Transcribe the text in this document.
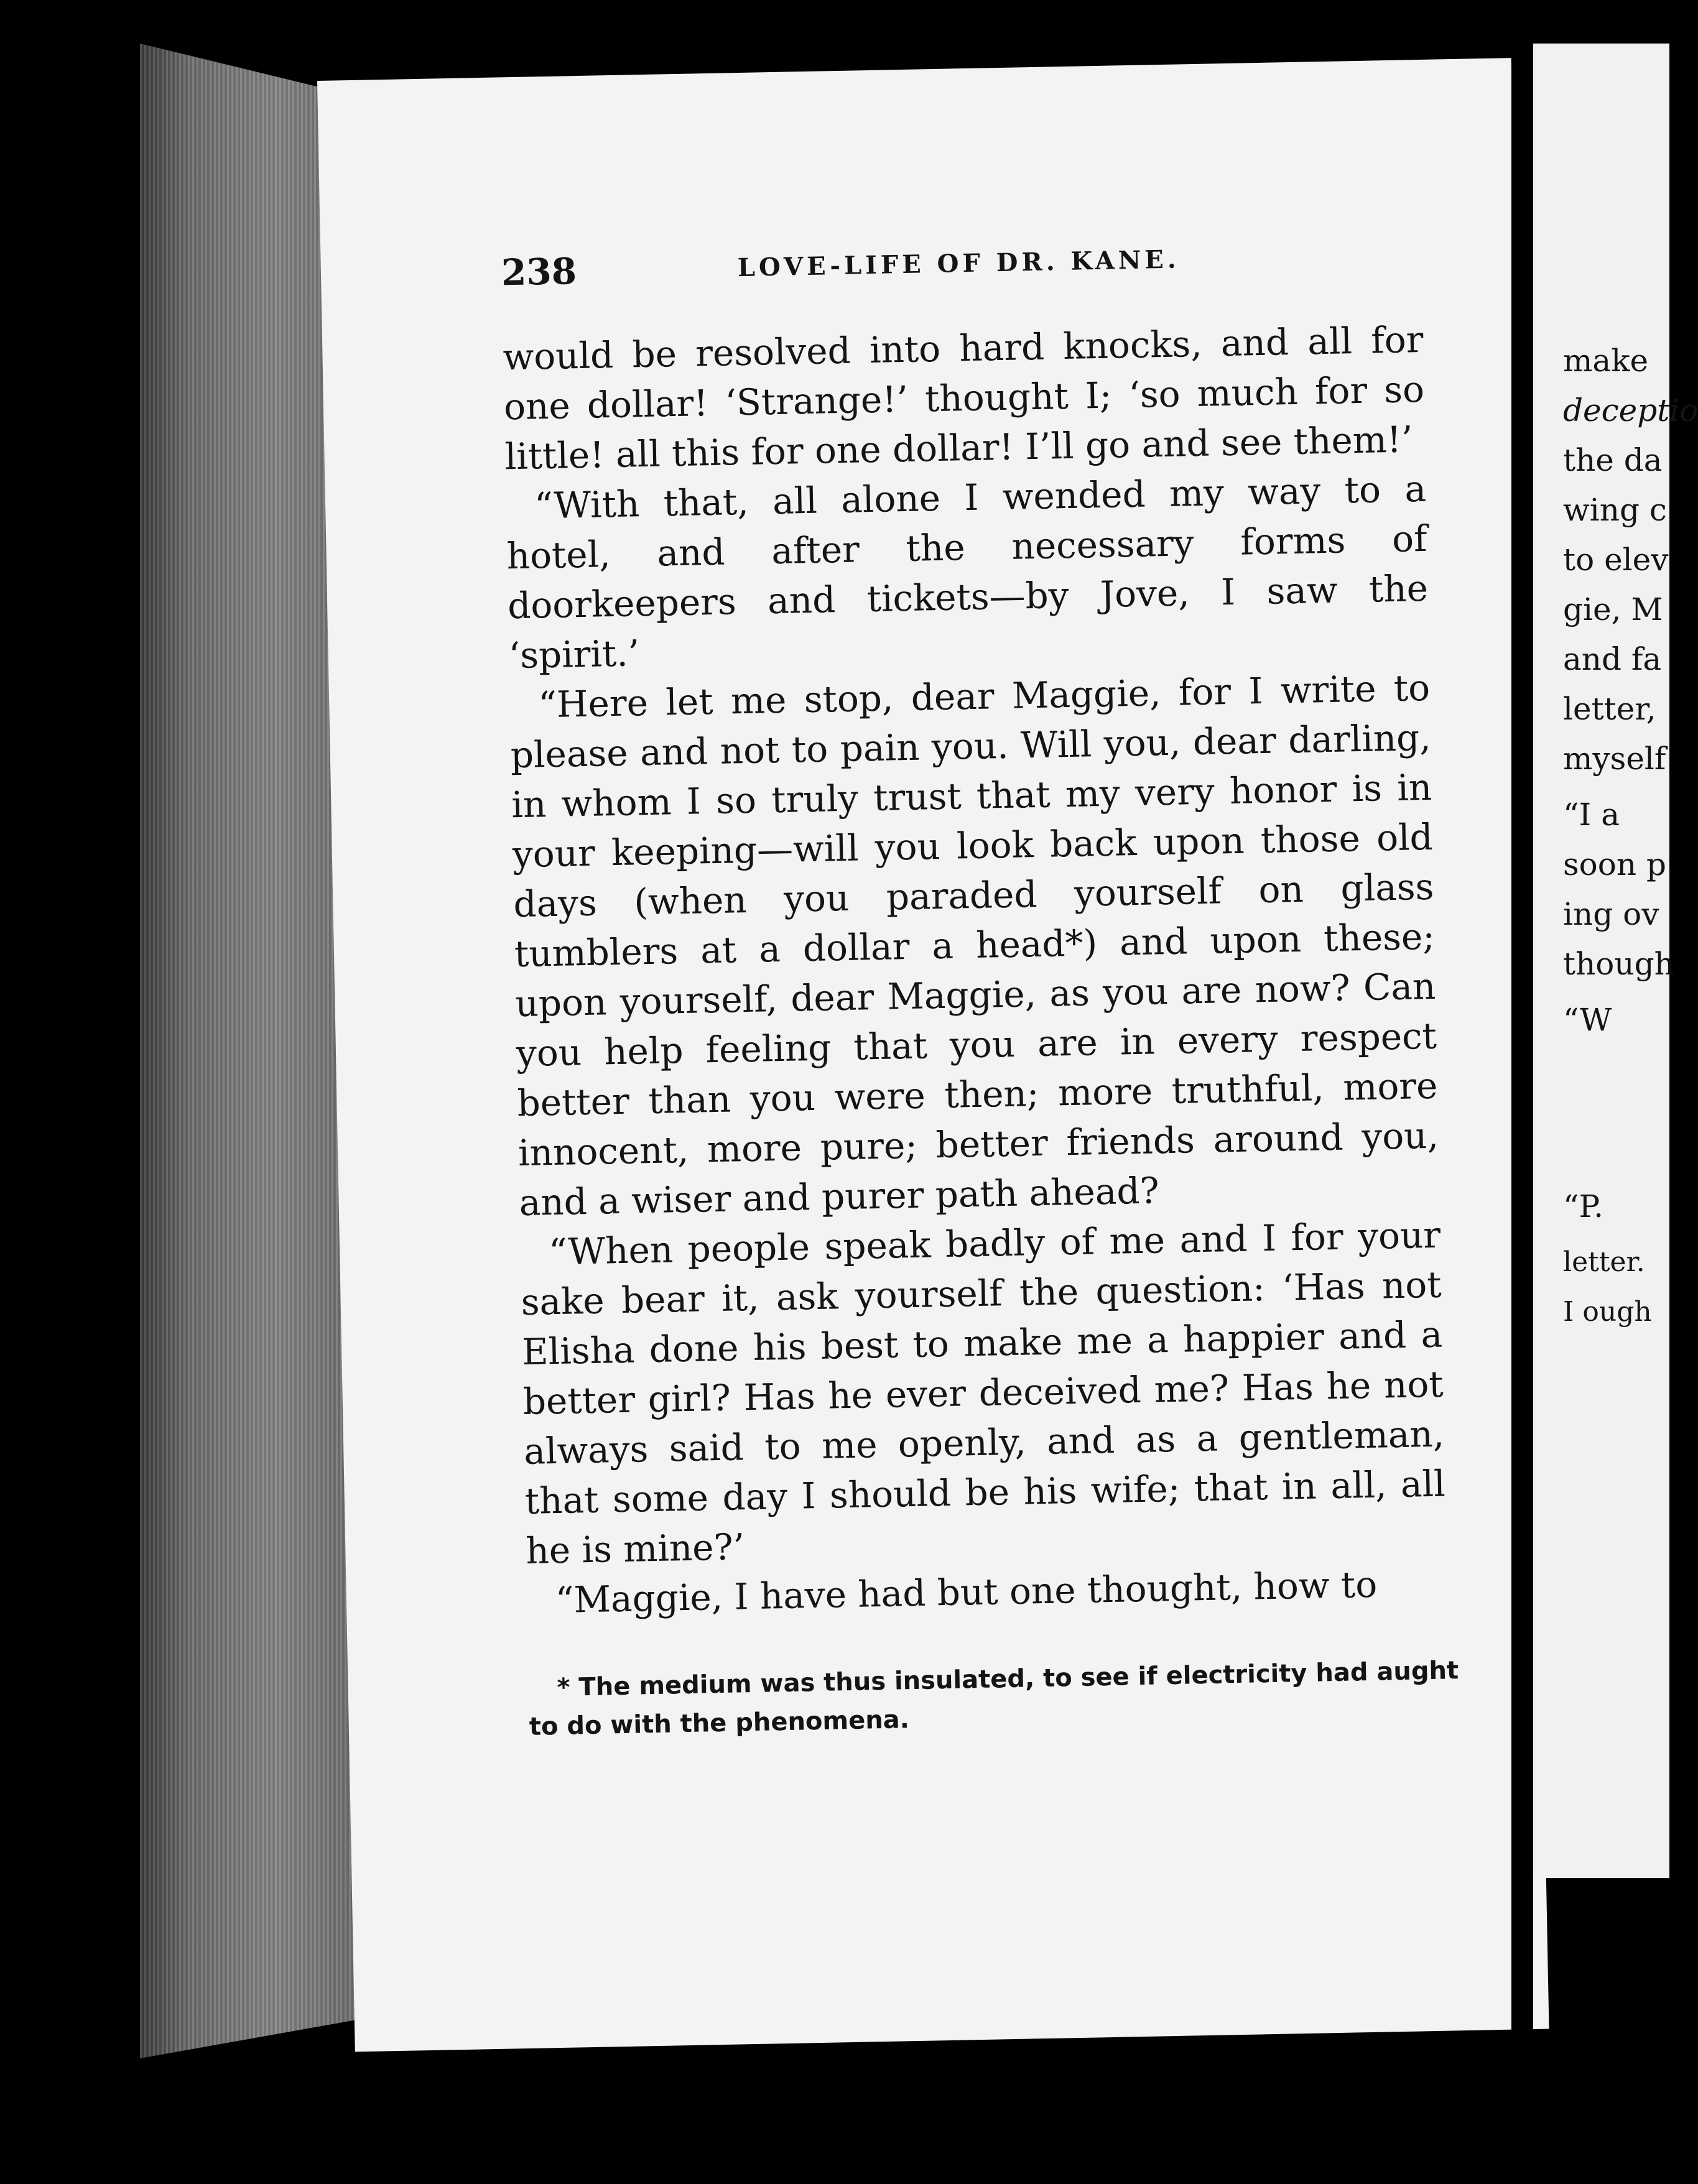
238	LOVE-LIFE OF DR. KANE.

would be resolved into hard knocks, and all for one dollar! ‘Strange!’ thought I; ‘so much for so little! all this for one dollar! I’ll go and see them!’

“With that, all alone I wended my way to a hotel, and after the necessary forms of doorkeepers and tickets—by Jove, I saw the ‘spirit.’

“Here let me stop, dear Maggie, for I write to please and not to pain you. Will you, dear darling, in whom I so truly trust that my very honor is in your keeping—will you look back upon those old days (when you paraded yourself on glass tumblers at a dollar a head*) and upon these; upon yourself, dear Maggie, as you are now? Can you help feeling that you are in every respect better than you were then; more truthful, more innocent, more pure; better friends around you, and a wiser and purer path ahead?

“When people speak badly of me and I for your sake bear it, ask yourself the question: ‘Has not Elisha done his best to make me a happier and a better girl? Has he ever deceived me? Has he not always said to me openly, and as a gentleman, that some day I should be his wife; that in all, all he is mine?’

“Maggie, I have had but one thought, how to

* The medium was thus insulated, to see if electricity had aught to do with the phenomena.

make
deceptio
the da
wing c
to elev
gie, M
and fa
letter,
myself
“I a
soon p
ing ov
though
“W
“P.
letter.
I ough
